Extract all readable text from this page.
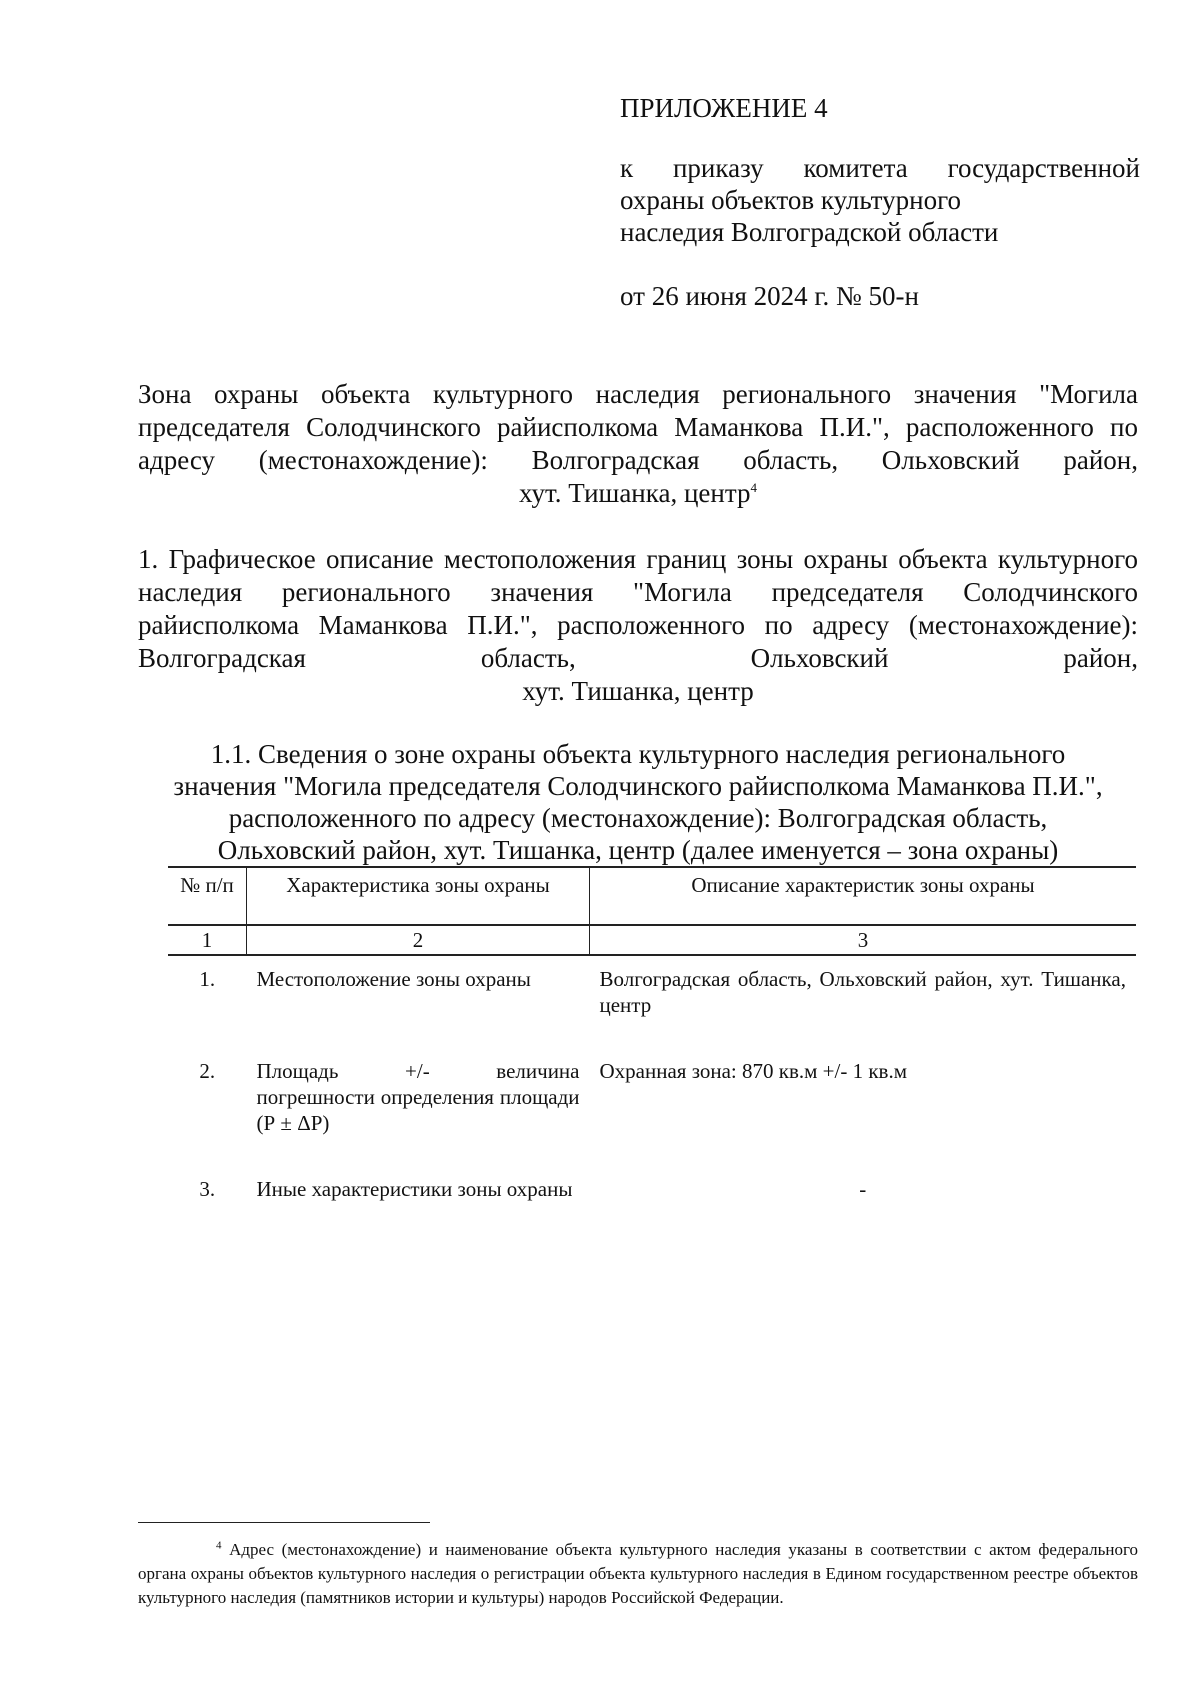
ПРИЛОЖЕНИЕ 4
к приказу комитета государственной
охраны объектов культурного
наследия Волгоградской области
от 26 июня 2024 г. № 50-н
Зона охраны объекта культурного наследия регионального значения "Могила председателя Солодчинского райисполкома Маманкова П.И.", расположенного по адресу (местонахождение): Волгоградская область, Ольховский район,
хут. Тишанка, центр$^4$
1. Графическое описание местоположения границ зоны охраны объекта культурного наследия регионального значения "Могила председателя Солодчинского райисполкома Маманкова П.И.", расположенного по адресу (местонахождение): Волгоградская область, Ольховский район,
хут. Тишанка, центр
1.1. Сведения о зоне охраны объекта культурного наследия регионального
значения "Могила председателя Солодчинского райисполкома Маманкова П.И.",
расположенного по адресу (местонахождение): Волгоградская область,
Ольховский район, хут. Тишанка, центр (далее именуется – зона охраны)
№ п/п	Характеристика зоны охраны	Описание характеристик зоны охраны
1	2	3
1.	Местоположение зоны охраны	Волгоградская область, Ольховский район, хут. Тишанка, центр
2.	Площадь +/- величина погрешности определения площади (Р ± ΔР)	Охранная зона: 870 кв.м +/- 1 кв.м
3.	Иные характеристики зоны охраны	-
$^4$ Адрес (местонахождение) и наименование объекта культурного наследия указаны в соответствии с актом федерального органа охраны объектов культурного наследия о регистрации объекта культурного наследия в Едином государственном реестре объектов культурного наследия (памятников истории и культуры) народов Российской Федерации.
